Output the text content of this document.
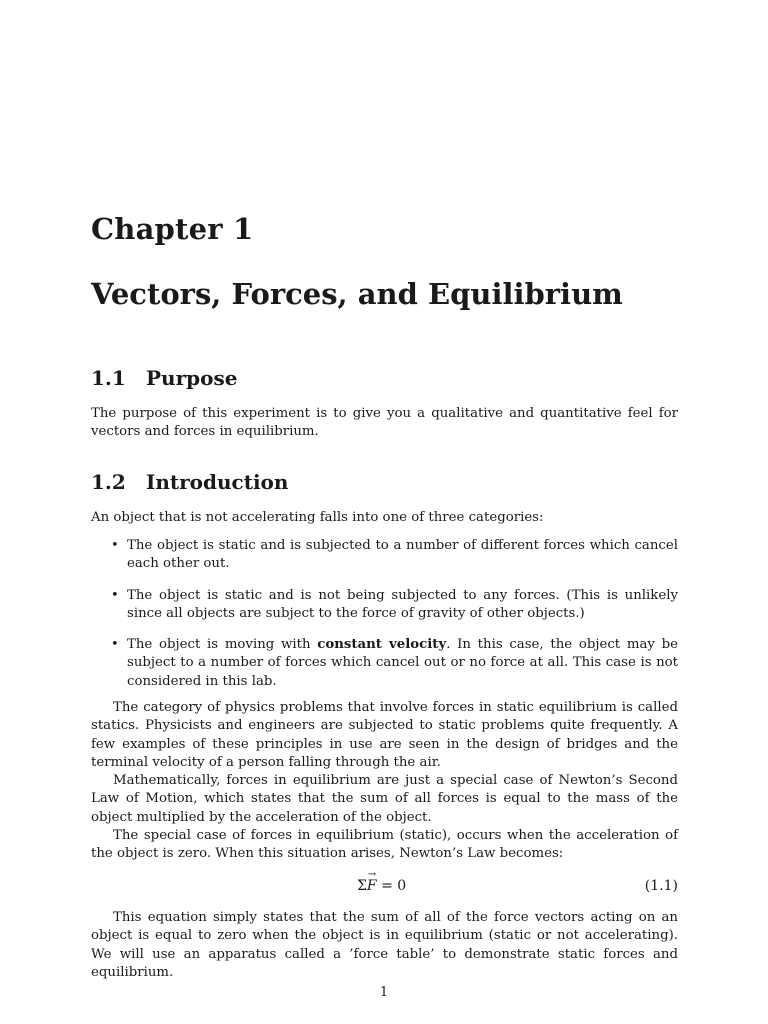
Chapter 1
Vectors, Forces, and Equilibrium
1.1 Purpose

The purpose of this experiment is to give you a qualitative and quantitative feel for vectors and forces in equilibrium.

1.2 Introduction

An object that is not accelerating falls into one of three categories:

• The object is static and is subjected to a number of different forces which cancel each other out.
• The object is static and is not being subjected to any forces. (This is unlikely since all objects are subject to the force of gravity of other objects.)
• The object is moving with constant velocity. In this case, the object may be subject to a number of forces which cancel out or no force at all. This case is not considered in this lab.

The category of physics problems that involve forces in static equilibrium is called statics. Physicists and engineers are subjected to static problems quite frequently. A few examples of these principles in use are seen in the design of bridges and the terminal velocity of a person falling through the air.

Mathematically, forces in equilibrium are just a special case of Newton’s Second Law of Motion, which states that the sum of all forces is equal to the mass of the object multiplied by the acceleration of the object.

The special case of forces in equilibrium (static), occurs when the acceleration of the object is zero. When this situation arises, Newton’s Law becomes:

Σ→ F = 0	(1.1)

This equation simply states that the sum of all of the force vectors acting on an object is equal to zero when the object is in equilibrium (static or not accelerating). We will use an apparatus called a ’force table’ to demonstrate static forces and equilibrium.

1
